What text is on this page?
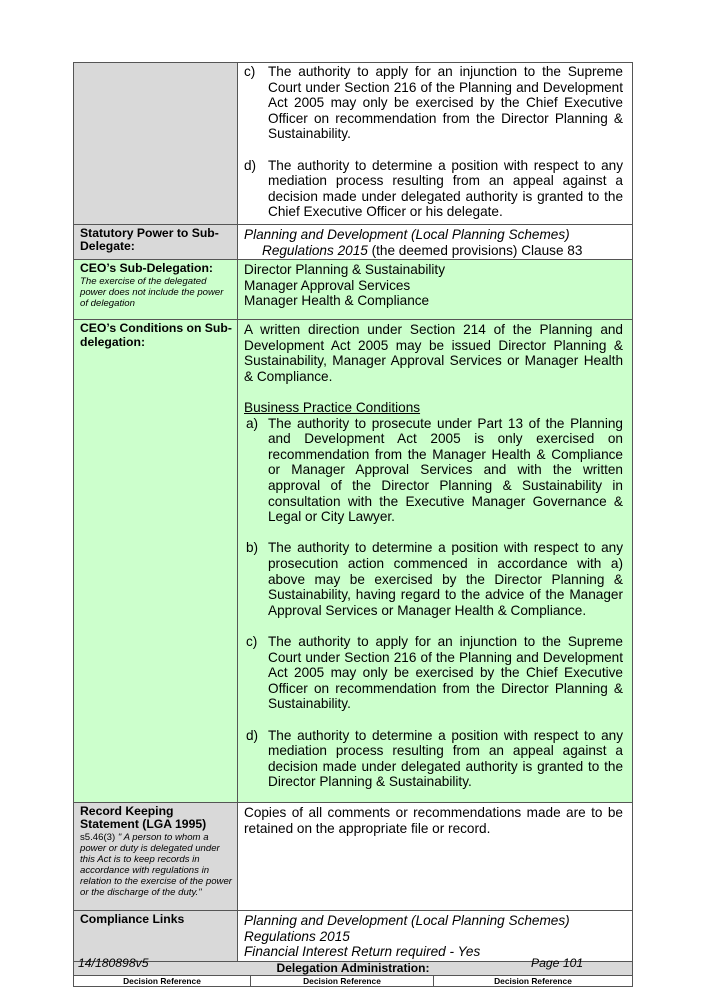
c) The authority to apply for an injunction to the Supreme Court under Section 216 of the Planning and Development Act 2005 may only be exercised by the Chief Executive Officer on recommendation from the Director Planning & Sustainability.
d) The authority to determine a position with respect to any mediation process resulting from an appeal against a decision made under delegated authority is granted to the Chief Executive Officer or his delegate.

Statutory Power to Sub-Delegate:	
Planning and Development (Local Planning Schemes)
Regulations 2015 (the deemed provisions) Clause 83

CEO’s Sub-Delegation:
The exercise of the delegated power does not include the power of delegation

Director Planning & Sustainability
Manager Approval Services
Manager Health & Compliance

CEO’s Conditions on Sub-delegation:	
A written direction under Section 214 of the Planning and Development Act 2005 may be issued Director Planning & Sustainability, Manager Approval Services or Manager Health & Compliance.
Business Practice Conditions
a) The authority to prosecute under Part 13 of the Planning and Development Act 2005 is only exercised on recommendation from the Manager Health & Compliance or Manager Approval Services and with the written approval of the Director Planning & Sustainability in consultation with the Executive Manager Governance & Legal or City Lawyer.
b) The authority to determine a position with respect to any prosecution action commenced in accordance with a) above may be exercised by the Director Planning & Sustainability, having regard to the advice of the Manager Approval Services or Manager Health & Compliance.
c) The authority to apply for an injunction to the Supreme Court under Section 216 of the Planning and Development Act 2005 may only be exercised by the Chief Executive Officer on recommendation from the Director Planning & Sustainability.
d) The authority to determine a position with respect to any mediation process resulting from an appeal against a decision made under delegated authority is granted to the Director Planning & Sustainability.

Record Keeping Statement (LGA 1995)
s5.46(3) " A person to whom a power or duty is delegated under this Act is to keep records in accordance with regulations in relation to the exercise of the power or the discharge of the duty."
	Copies of all comments or recommendations made are to be retained on the appropriate file or record.
Compliance Links	Planning and Development (Local Planning Schemes)
Regulations 2015
Financial Interest Return required - Yes

Delegation Administration:

Decision Reference	Decision Reference	Decision Reference
14/180898v5	Page 101
